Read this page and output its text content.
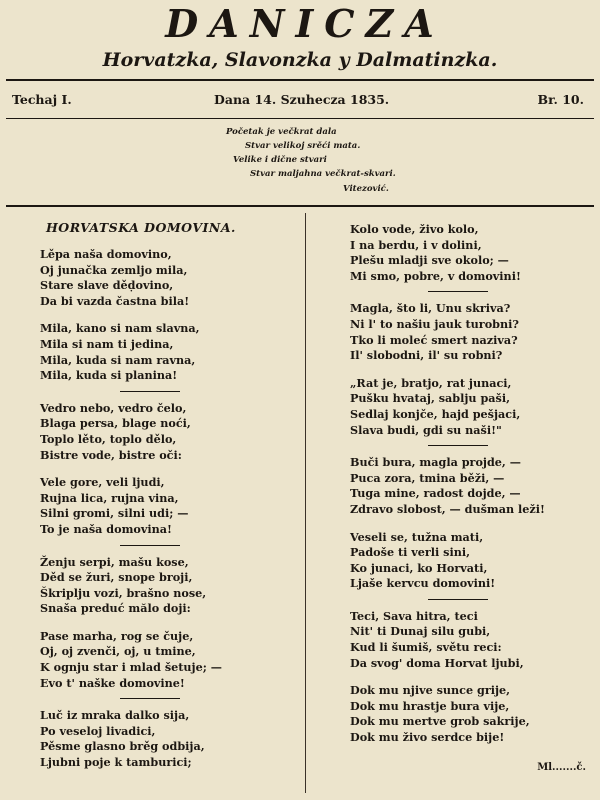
DANICZA
Horvatzka, Slavonzka y Dalmatinzka.
Techaj I.	Dana 14. Szuhecza 1835.	Br. 10.
Početak je večkrat dala
Stvar velikoj srěći mata.
Velike i dične stvari
Stvar maljahna večkrat-skvari.
Vitezović.
HORVATSKA DOMOVINA.
Lěpa naša domovino,
Oj junačka zemljo mila,
Stare slave děḍovino,
Da bi vazda častna bila!
Mila, kano si nam slavna,
Mila si nam ti jedina,
Mila, kuda si nam ravna,
Mila, kuda si planina!
Vedro nebo, vedro čelo,
Blaga persa, blage noći,
Toplo lěto, toplo dělo,
Bistre vode, bistre oči:
Vele gore, veli ljudi,
Rujna lica, rujna vina,
Silni gromi, silni udi; —
To je naša domovina!
Ženju serpi, mašu kose,
Děd se žuri, snope broji,
Škriplju vozi, brašno nose,
Snaša preduć mălo doji:
Pase marha, rog se čuje,
Oj, oj zvenči, oj, u tmine,
K ognju star i mlad šetuje; —
Evo t' naške domovine!
Luč iz mraka dalko sija,
Po veseloj livadici,
Pěsme glasno brěg odbija,
Ljubni poje k tamburici;
Kolo vode, živo kolo,
I na berdu, i v dolini,
Plešu mladji sve okolo; —
Mi smo, pobre, v domovini!
Magla, što li, Unu skriva?
Ni l' to našiu jauk turobni?
Tko li moleć smert naziva?
Il' slobodni, il' su robni?
„Rat je, bratjo, rat junaci,
Pušku hvataj, sablju paši,
Sedlaj konjče, hajd pešjaci,
Slava budi, gdi su naši!"
Buči bura, magla projde, —
Puca zora, tmina běži, —
Tuga mine, radost dojde, —
Zdravo slobost, — dušman leži!
Veseli se, tužna mati,
Padoše ti verli sini,
Ko junaci, ko Horvati,
Ljaše kervcu domovini!
Teci, Sava hitra, teci
Nit' ti Dunaj silu gubi,
Kud li šumiš, světu reci:
Da svog' doma Horvat ljubi,
Dok mu njive sunce grije,
Dok mu hrastje bura vije,
Dok mu mertve grob sakrije,
Dok mu živo serdce bije!
Ml.......č.
